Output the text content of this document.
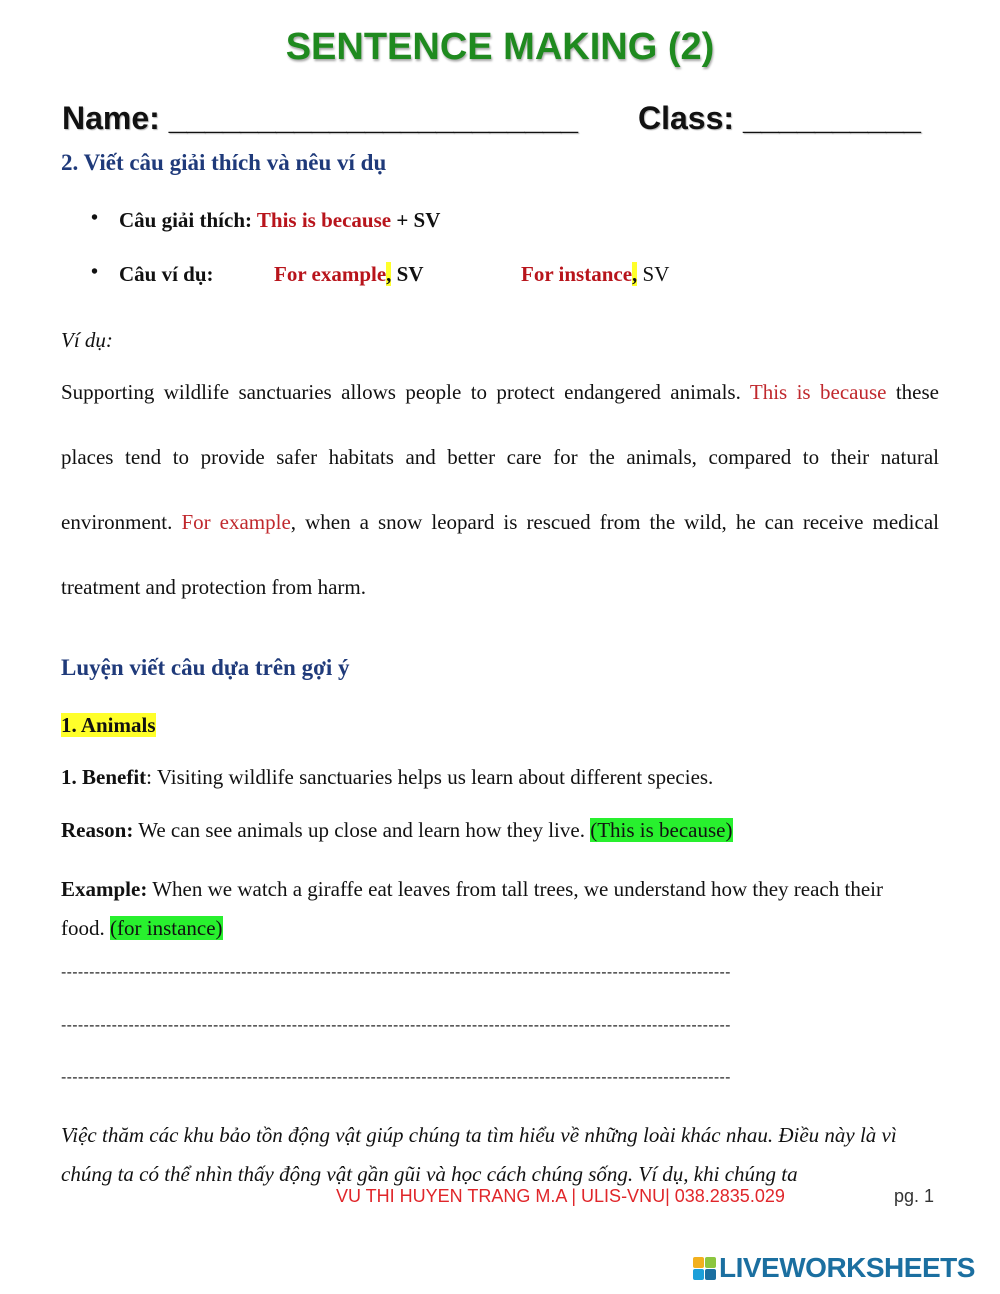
SENTENCE MAKING (2)
Name: _______________________ Class: __________
2. Viết câu giải thích và nêu ví dụ
• Câu giải thích: This is because + SV
• Câu ví dụ:	For example, SV	For instance, SV
Ví dụ:
Supporting wildlife sanctuaries allows people to protect endangered animals. This is because these places tend to provide safer habitats and better care for the animals, compared to their natural environment. For example, when a snow leopard is rescued from the wild, he can receive medical treatment and protection from harm.
Luyện viết câu dựa trên gợi ý
1. Animals
1. Benefit: Visiting wildlife sanctuaries helps us learn about different species.
Reason: We can see animals up close and learn how they live. (This is because)
Example: When we watch a giraffe eat leaves from tall trees, we understand how they reach their food. (for instance)
-----------------------------------------------------------------------------------------------------------------------
-----------------------------------------------------------------------------------------------------------------------
-----------------------------------------------------------------------------------------------------------------------
Việc thăm các khu bảo tồn động vật giúp chúng ta tìm hiểu về những loài khác nhau. Điều này là vì chúng ta có thể nhìn thấy động vật gần gũi và học cách chúng sống. Ví dụ, khi chúng ta
VU THI HUYEN TRANG M.A | ULIS-VNU| 038.2835.029	pg. 1
LIVEWORKSHEETS
